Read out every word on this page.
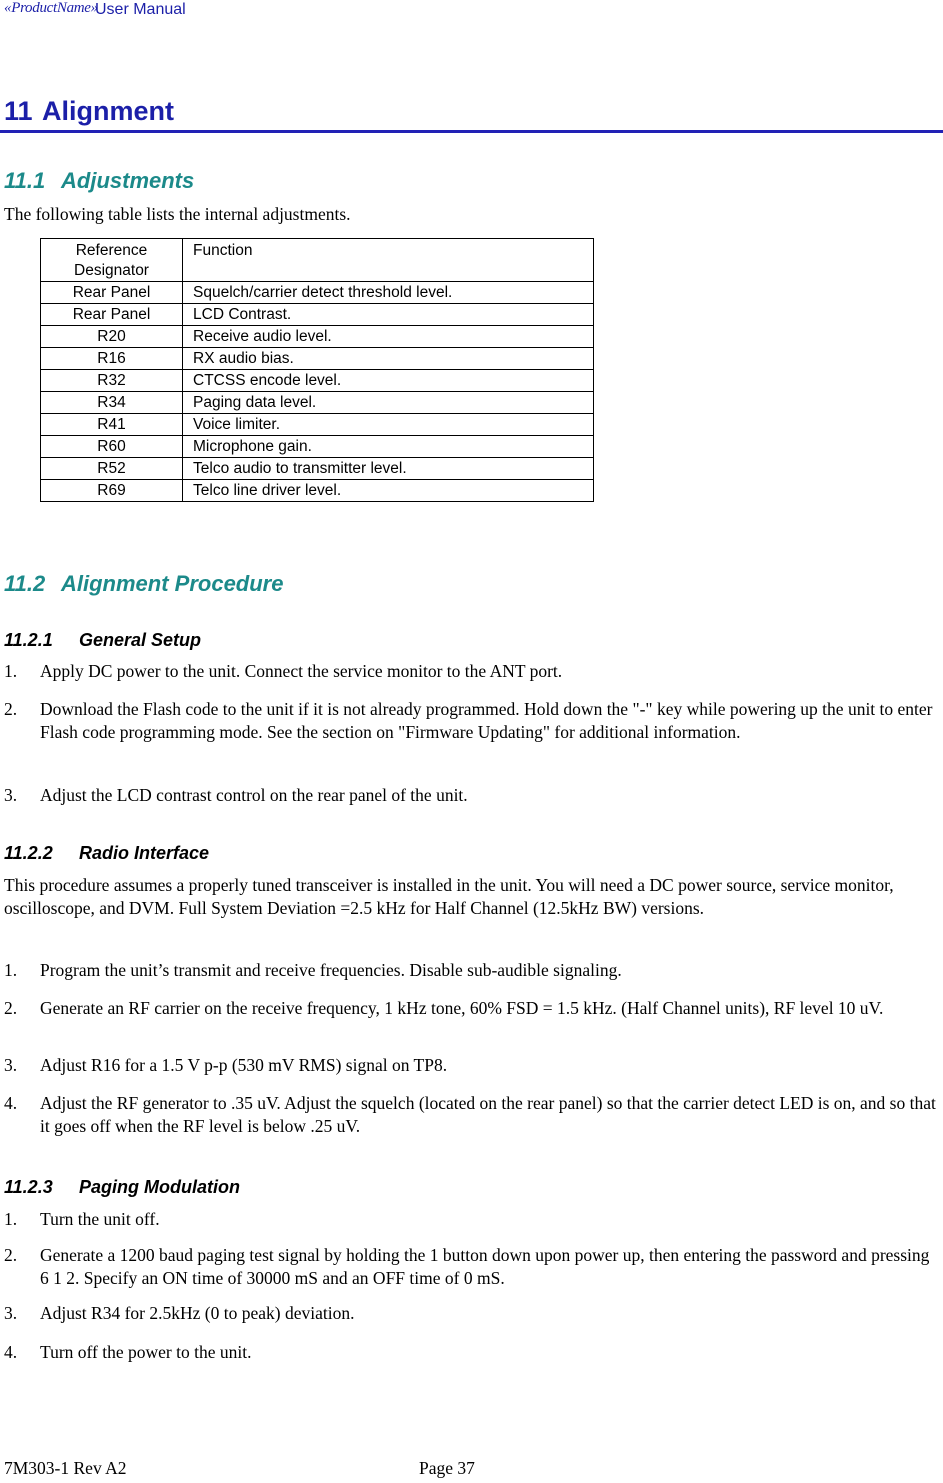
«ProductName»
User Manual
11 Alignment
11.1 Adjustments
The following table lists the internal adjustments.
Reference Designator	Function
Rear Panel	Squelch/carrier detect threshold level.
Rear Panel	LCD Contrast.
R20	Receive audio level.
R16	RX audio bias.
R32	CTCSS encode level.
R34	Paging data level.
R41	Voice limiter.
R60	Microphone gain.
R52	Telco audio to transmitter level.
R69	Telco line driver level.
11.2 Alignment Procedure
11.2.1 General Setup
1. Apply DC power to the unit. Connect the service monitor to the ANT port.
2. Download the Flash code to the unit if it is not already programmed. Hold down the "-" key while powering up the unit to enter Flash code programming mode. See the section on "Firmware Updating" for additional information.
3. Adjust the LCD contrast control on the rear panel of the unit.
11.2.2 Radio Interface
This procedure assumes a properly tuned transceiver is installed in the unit. You will need a DC power source, service monitor, oscilloscope, and DVM. Full System Deviation =2.5 kHz for Half Channel (12.5kHz BW) versions.
1. Program the unit’s transmit and receive frequencies. Disable sub-audible signaling.
2. Generate an RF carrier on the receive frequency, 1 kHz tone, 60% FSD = 1.5 kHz. (Half Channel units), RF level 10 uV.
3. Adjust R16 for a 1.5 V p-p (530 mV RMS) signal on TP8.
4. Adjust the RF generator to .35 uV. Adjust the squelch (located on the rear panel) so that the carrier detect LED is on, and so that it goes off when the RF level is below .25 uV.
11.2.3 Paging Modulation
1. Turn the unit off.
2. Generate a 1200 baud paging test signal by holding the 1 button down upon power up, then entering the password and pressing 6 1 2. Specify an ON time of 30000 mS and an OFF time of 0 mS.
3. Adjust R34 for 2.5kHz (0 to peak) deviation.
4. Turn off the power to the unit.
7M303-1 Rev A2	Page 37
